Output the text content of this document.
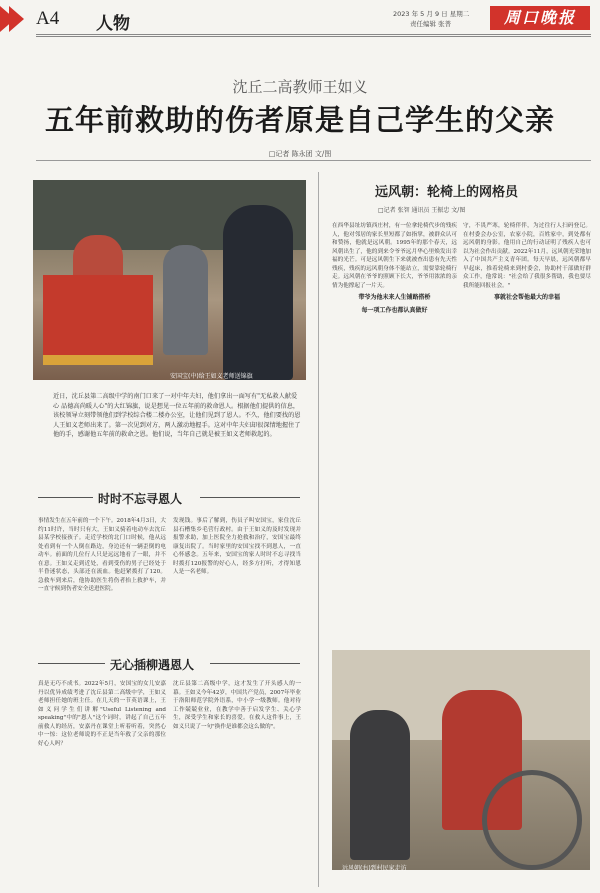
A4 人物	2023 年 5 月 9 日 星期二
责任编辑 张普	周口晚报
沈丘二高教师王如义
五年前救助的伤者原是自己学生的父亲
□记者 陈永团 文/图
安国宝(中)给王如义老师送锦旗
近日，沈丘县第二高级中学的南门口来了一对中年夫妇，他们拿出一面写有"无私救人献爱心 品德高尚暖人心"的大红锦旗，说是想见一位五年前的救命恩人。根据他们提供的信息，该校领导立刻带领他们到学校综合楼二楼办公室，让他们见到了恩人。不久，他们要找的恩人王如义老师出来了。第一次见到对方，两人激动地握手。这对中年夫妇却很深情地握住了他的手，感谢他五年前的救命之恩。他们说，当年自己就是被王如义老师救起的。
时时不忘寻恩人
事情发生在五年前的一个下午。2018年4月3日，大约11时许，当时只有大，王如义骑着电动车去沈丘县某学校接孩子。走近学校的北门口时候，他从远处看到有一个人倒在路边，身边还有一辆歪倒的电动车。前面的几位行人只是远远地看了一眼，并不在意。王如义走到近处，看到受伤的男子已经处于半昏迷状态，头部还在流血。他赶紧拨打了120。急救车到来后，他协助医生将伤者抬上救护车，并一直守候到伤者安全送进医院。
发现钱。事后了解到，伤员子叫安国宝，家住沈丘县石槽集乡毛营行政村。由于王如义的及时发现并报警求助，加上医院全力抢救和治疗，安国宝最终康复出院了。当时家里的安国宝找不到恩人，一直心怀感念。五年来，安国宝的家人时时不忘寻找当时拨打120报警的好心人，经多方打听，才得知恩人是一名老师。
无心插柳遇恩人
真是无巧不成书。2022年5月，安国宝的女儿安嘉丹以优异成绩考进了沈丘县第二高级中学，王如义老师担任她的班主任。在几天的一节英语课上，王如义问学生们讲解"Useful Listening and speaking"中的"恩人"这个词时，讲起了自己五年前救人的经历，安嘉丹在课堂上听着听着，突然心中一惊：这位老师说的不正是当年救了父亲的那位好心人吗？
沈丘县第二高级中学，这才发生了开头感人的一幕。王如义今年42岁，中国共产党员，2007年毕业于洛阳师范学院外语系，中小学一级教师。他对待工作兢兢业业，在教学中善于启发学生、关心学生，深受学生和家长的喜爱。在救人这件事上，王如义只说了一句"换作是谁都会这么做的"。
远风朝：轮椅上的网格员
□记者 张智 通讯员 王振忠 文/图
在西华县址坊镇西庄村，有一位拿轮椅代步的残疾人，他对邻居的家长里短都了如指掌，被群众认可和赞扬，他就是远风朝。1995年的那个春天，远风朝出生了，他的到来令爷爷远月华心里焕发出幸福的光芒。可是远风朝生下来就被查出患有先天性残疾，残疾的远风朝身体不能站立，需要靠轮椅行走。远风朝在爷爷的照顾下长大，爷爷用浓浓的亲情为他撑起了一片天。
带爷为他未来人生铺路搭桥
每一项工作也都认真做好
守，不畏严寒，轮椅伴伴，为过往行人扫码登记。在村委会办公室，农家小院，百姓家中，到处都有远风朝的身影。他用自己的行动证明了残疾人也可以为社会作出贡献。2022年11月，远风朝光荣地加入了中国共产主义青年团。每天早晨，远风朝都早早起床，推着轮椅来到村委会，协助村干部做好群众工作，他常说："社会给了我很多帮助，我也要尽我所能回报社会。"
事就社会帮他最大的幸福
远风朝(右)到村民家走访
